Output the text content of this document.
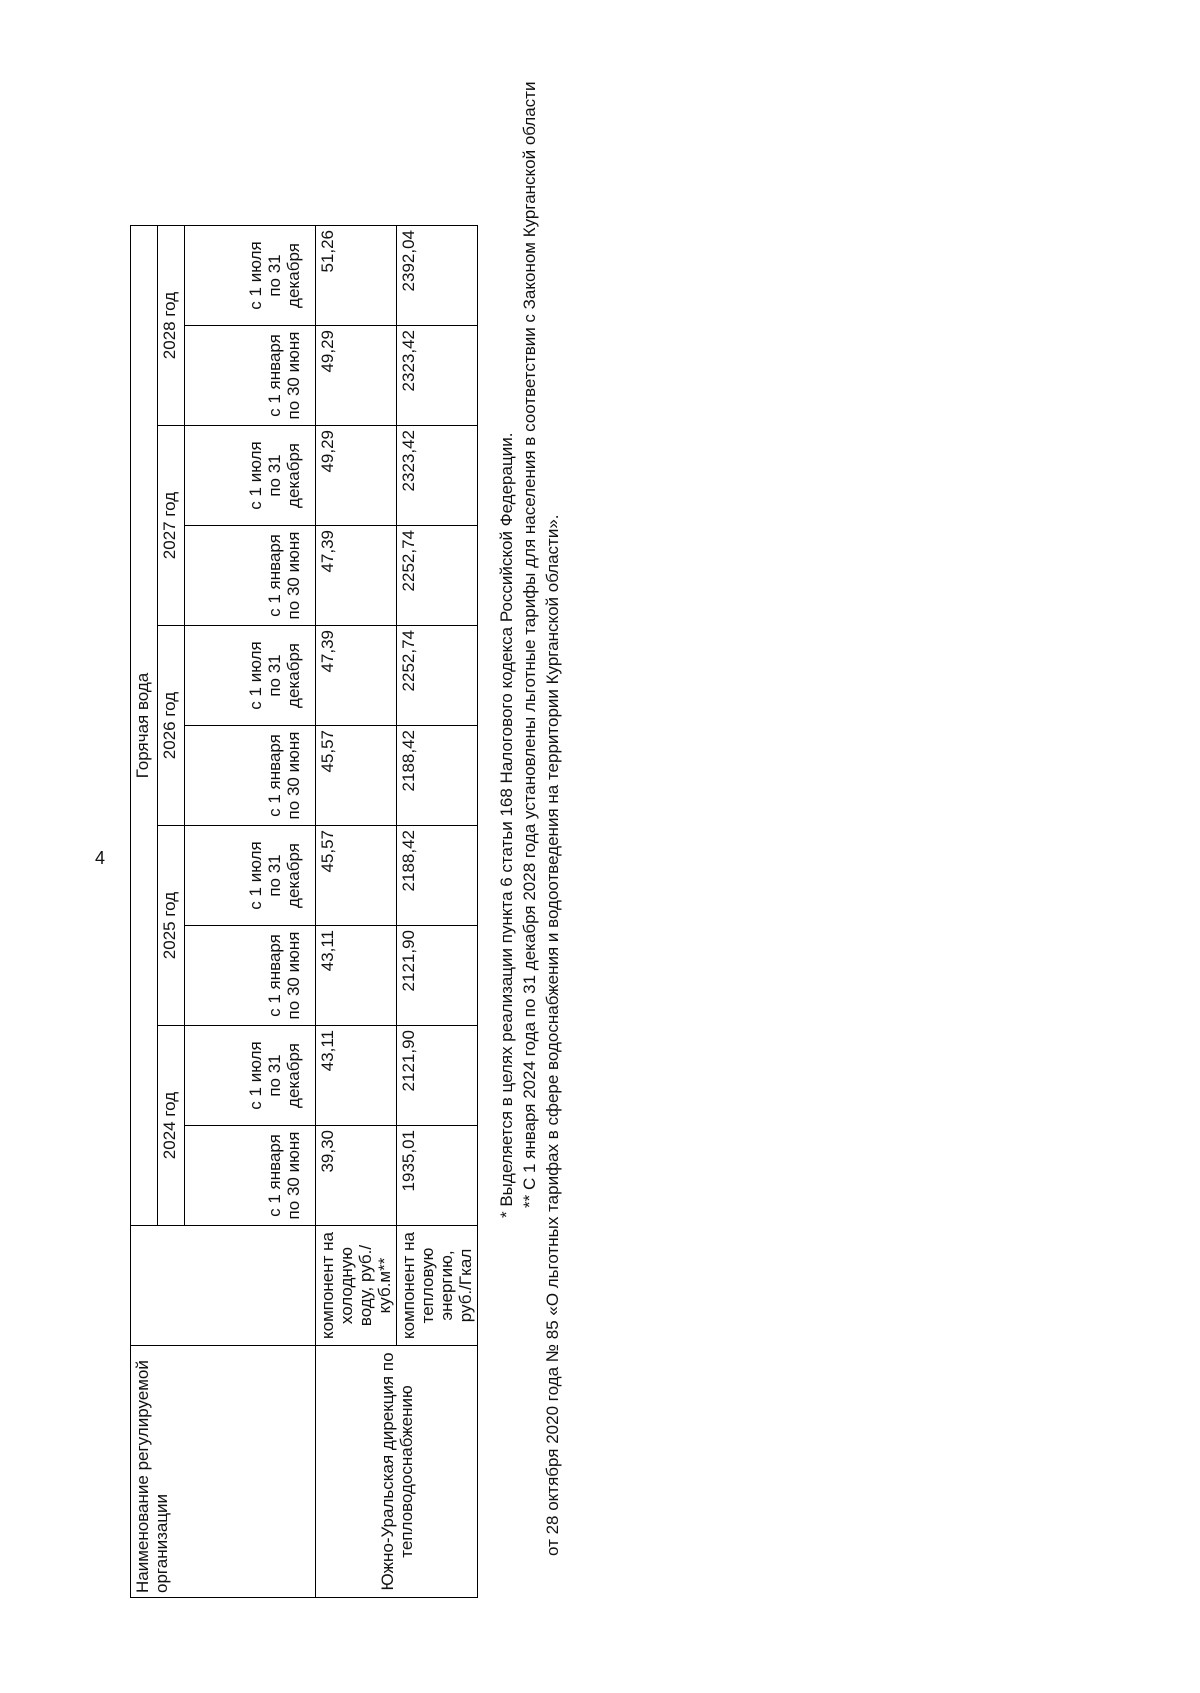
4
Наименование регулируемой организации		Горячая вода									
		2024 год		2025 год		2026 год		2027 год		2028 год	
		с 1 января по 30 июня	с 1 июля по 31 декабря	с 1 января по 30 июня	с 1 июля по 31 декабря	с 1 января по 30 июня	с 1 июля по 31 декабря	с 1 января по 30 июня	с 1 июля по 31 декабря	с 1 января по 30 июня	с 1 июля по 31 декабря
Южно-Уральская дирекция по тепловодоснабжению	компонент на холодную воду, руб./куб.м**	39,30	43,11	43,11	45,57	45,57	47,39	47,39	49,29	49,29	51,26
	компонент на тепловую энергию, руб./Гкал	1935,01	2121,90	2121,90	2188,42	2188,42	2252,74	2252,74	2323,42	2323,42	2392,04
* Выделяется в целях реализации пункта 6 статьи 168 Налогового кодекса Российской Федерации. ** С 1 января 2024 года по 31 декабря 2028 года установлены льготные тарифы для населения в соответствии с Законом Курганской области от 28 октября 2020 года № 85 «О льготных тарифах в сфере водоснабжения и водоотведения на территории Курганской области».
